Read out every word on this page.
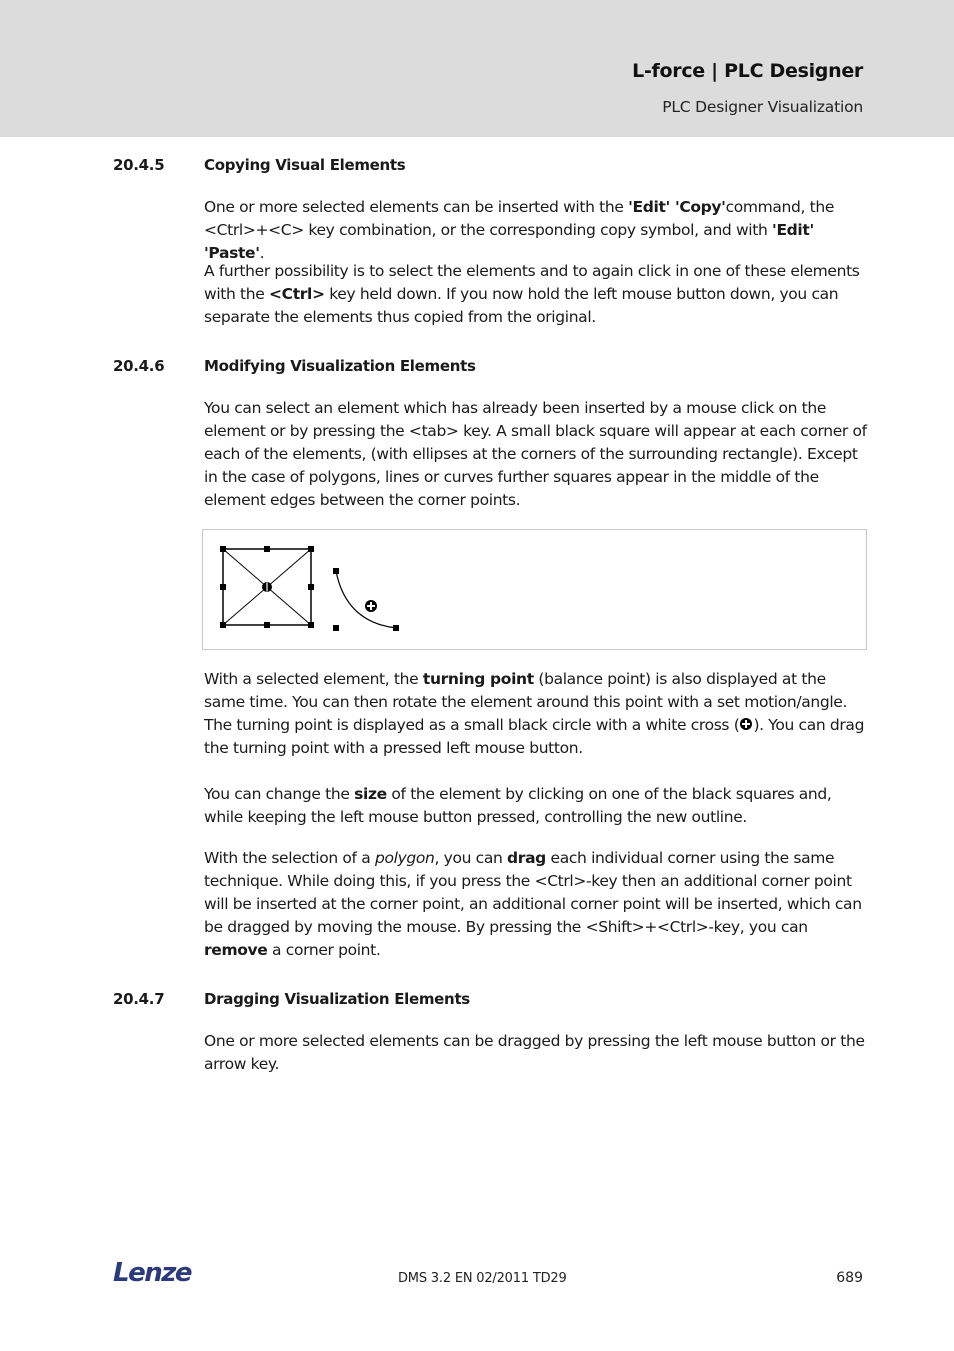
L-force | PLC Designer
PLC Designer Visualization
20.4.5	Copying Visual Elements

One or more selected elements can be inserted with the 'Edit' 'Copy'command, the <Ctrl>+<C> key combination, or the corresponding copy symbol, and with 'Edit' 'Paste'.

A further possibility is to select the elements and to again click in one of these elements with the <Ctrl> key held down. If you now hold the left mouse button down, you can separate the elements thus copied from the original.

20.4.6	Modifying Visualization Elements

You can select an element which has already been inserted by a mouse click on the element or by pressing the <tab> key. A small black square will appear at each corner of each of the elements, (with ellipses at the corners of the surrounding rectangle). Except in the case of polygons, lines or curves further squares appear in the middle of the element edges between the corner points.

With a selected element, the turning point (balance point) is also displayed at the same time. You can then rotate the element around this point with a set motion/angle. The turning point is displayed as a small black circle with a white cross ( ). You can drag the turning point with a pressed left mouse button.

You can change the size of the element by clicking on one of the black squares and, while keeping the left mouse button pressed, controlling the new outline.

With the selection of a polygon, you can drag each individual corner using the same technique. While doing this, if you press the <Ctrl>-key then an additional corner point will be inserted at the corner point, an additional corner point will be inserted, which can be dragged by moving the mouse. By pressing the <Shift>+<Ctrl>-key, you can remove a corner point.

20.4.7	Dragging Visualization Elements

One or more selected elements can be dragged by pressing the left mouse button or the arrow key.

Lenze	DMS 3.2 EN 02/2011 TD29	689
